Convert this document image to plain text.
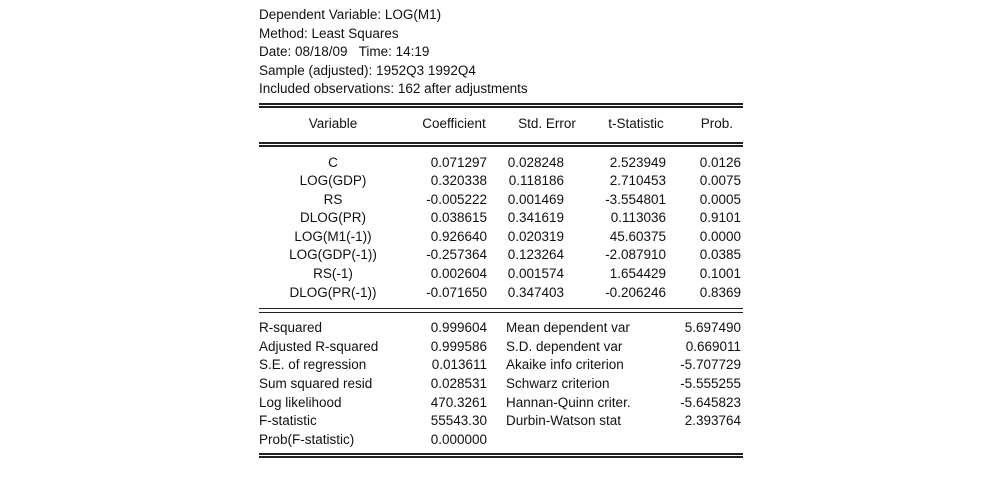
Dependent Variable: LOG(M1)
Method: Least Squares
Date: 08/18/09   Time: 14:19
Sample (adjusted): 1952Q3 1992Q4
Included observations: 162 after adjustments
Variable	Coefficient	Std. Error	t-Statistic	Prob.
C	0.071297 0.028248	2.523949 0.0126
LOG(GDP)	0.320338 0.118186	2.710453 0.0075
RS	-0.005222 0.001469	-3.554801 0.0005
DLOG(PR)	0.038615 0.341619	0.113036 0.9101
LOG(M1(-1))	0.926640 0.020319	45.60375 0.0000
LOG(GDP(-1))	-0.257364 0.123264	-2.087910 0.0385
RS(-1)	0.002604 0.001574	1.654429 0.1001
DLOG(PR(-1))	-0.071650 0.347403	-0.206246 0.8369
R-squared	0.999604 Mean dependent var	5.697490
Adjusted R-squared	0.999586 S.D. dependent var	0.669011
S.E. of regression	0.013611 Akaike info criterion	-5.707729
Sum squared resid	0.028531 Schwarz criterion	-5.555255
Log likelihood	470.3261 Hannan-Quinn criter.	-5.645823
F-statistic	55543.30 Durbin-Watson stat	2.393764
Prob(F-statistic)	0.000000
